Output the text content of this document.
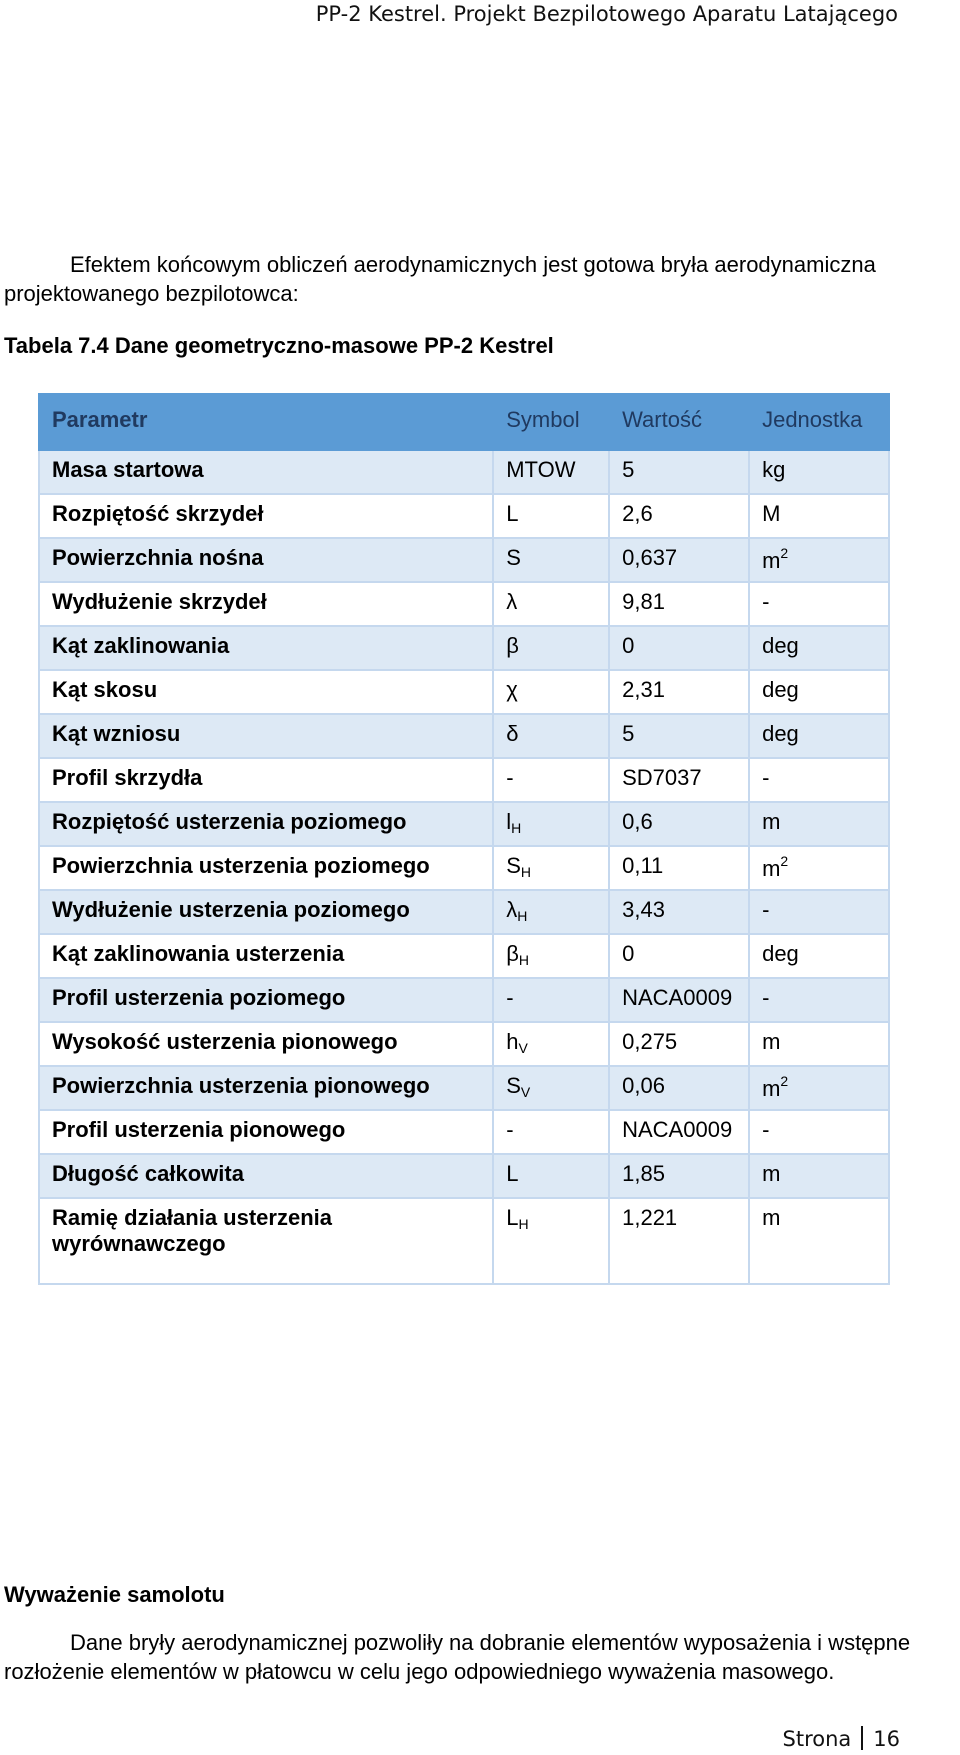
PP-2 Kestrel. Projekt Bezpilotowego Aparatu Latającego
Efektem końcowym obliczeń aerodynamicznych jest gotowa bryła aerodynamiczna
projektowanego bezpilotowca:
Tabela 7.4 Dane geometryczno-masowe PP-2 Kestrel
Parametr	Symbol	Wartość	Jednostka
Masa startowa	MTOW	5	kg
Rozpiętość skrzydeł	L	2,6	M
Powierzchnia nośna	S	0,637	$m^2$
Wydłużenie skrzydeł	λ	9,81	-
Kąt zaklinowania	β	0	deg
Kąt skosu	χ	2,31	deg
Kąt wzniosu	δ	5	deg
Profil skrzydła	-	SD7037	-
Rozpiętość usterzenia poziomego	$l_H$	0,6	m
Powierzchnia usterzenia poziomego	$S_H$	0,11	$m^2$
Wydłużenie usterzenia poziomego	$\lambda_H$	3,43	-
Kąt zaklinowania usterzenia	$\beta_H$	0	deg
Profil usterzenia poziomego	-	NACA0009	-
Wysokość usterzenia pionowego	$h_V$	0,275	m
Powierzchnia usterzenia pionowego	$S_V$	0,06	$m^2$
Profil usterzenia pionowego	-	NACA0009	-
Długość całkowita	L	1,85	m
Ramię działania usterzenia wyrównawczego	$L_H$	1,221	m
Wyważenie samolotu
Dane bryły aerodynamicznej pozwoliły na dobranie elementów wyposażenia i wstępne
rozłożenie elementów w płatowcu w celu jego odpowiedniego wyważenia masowego.
Strona 16
